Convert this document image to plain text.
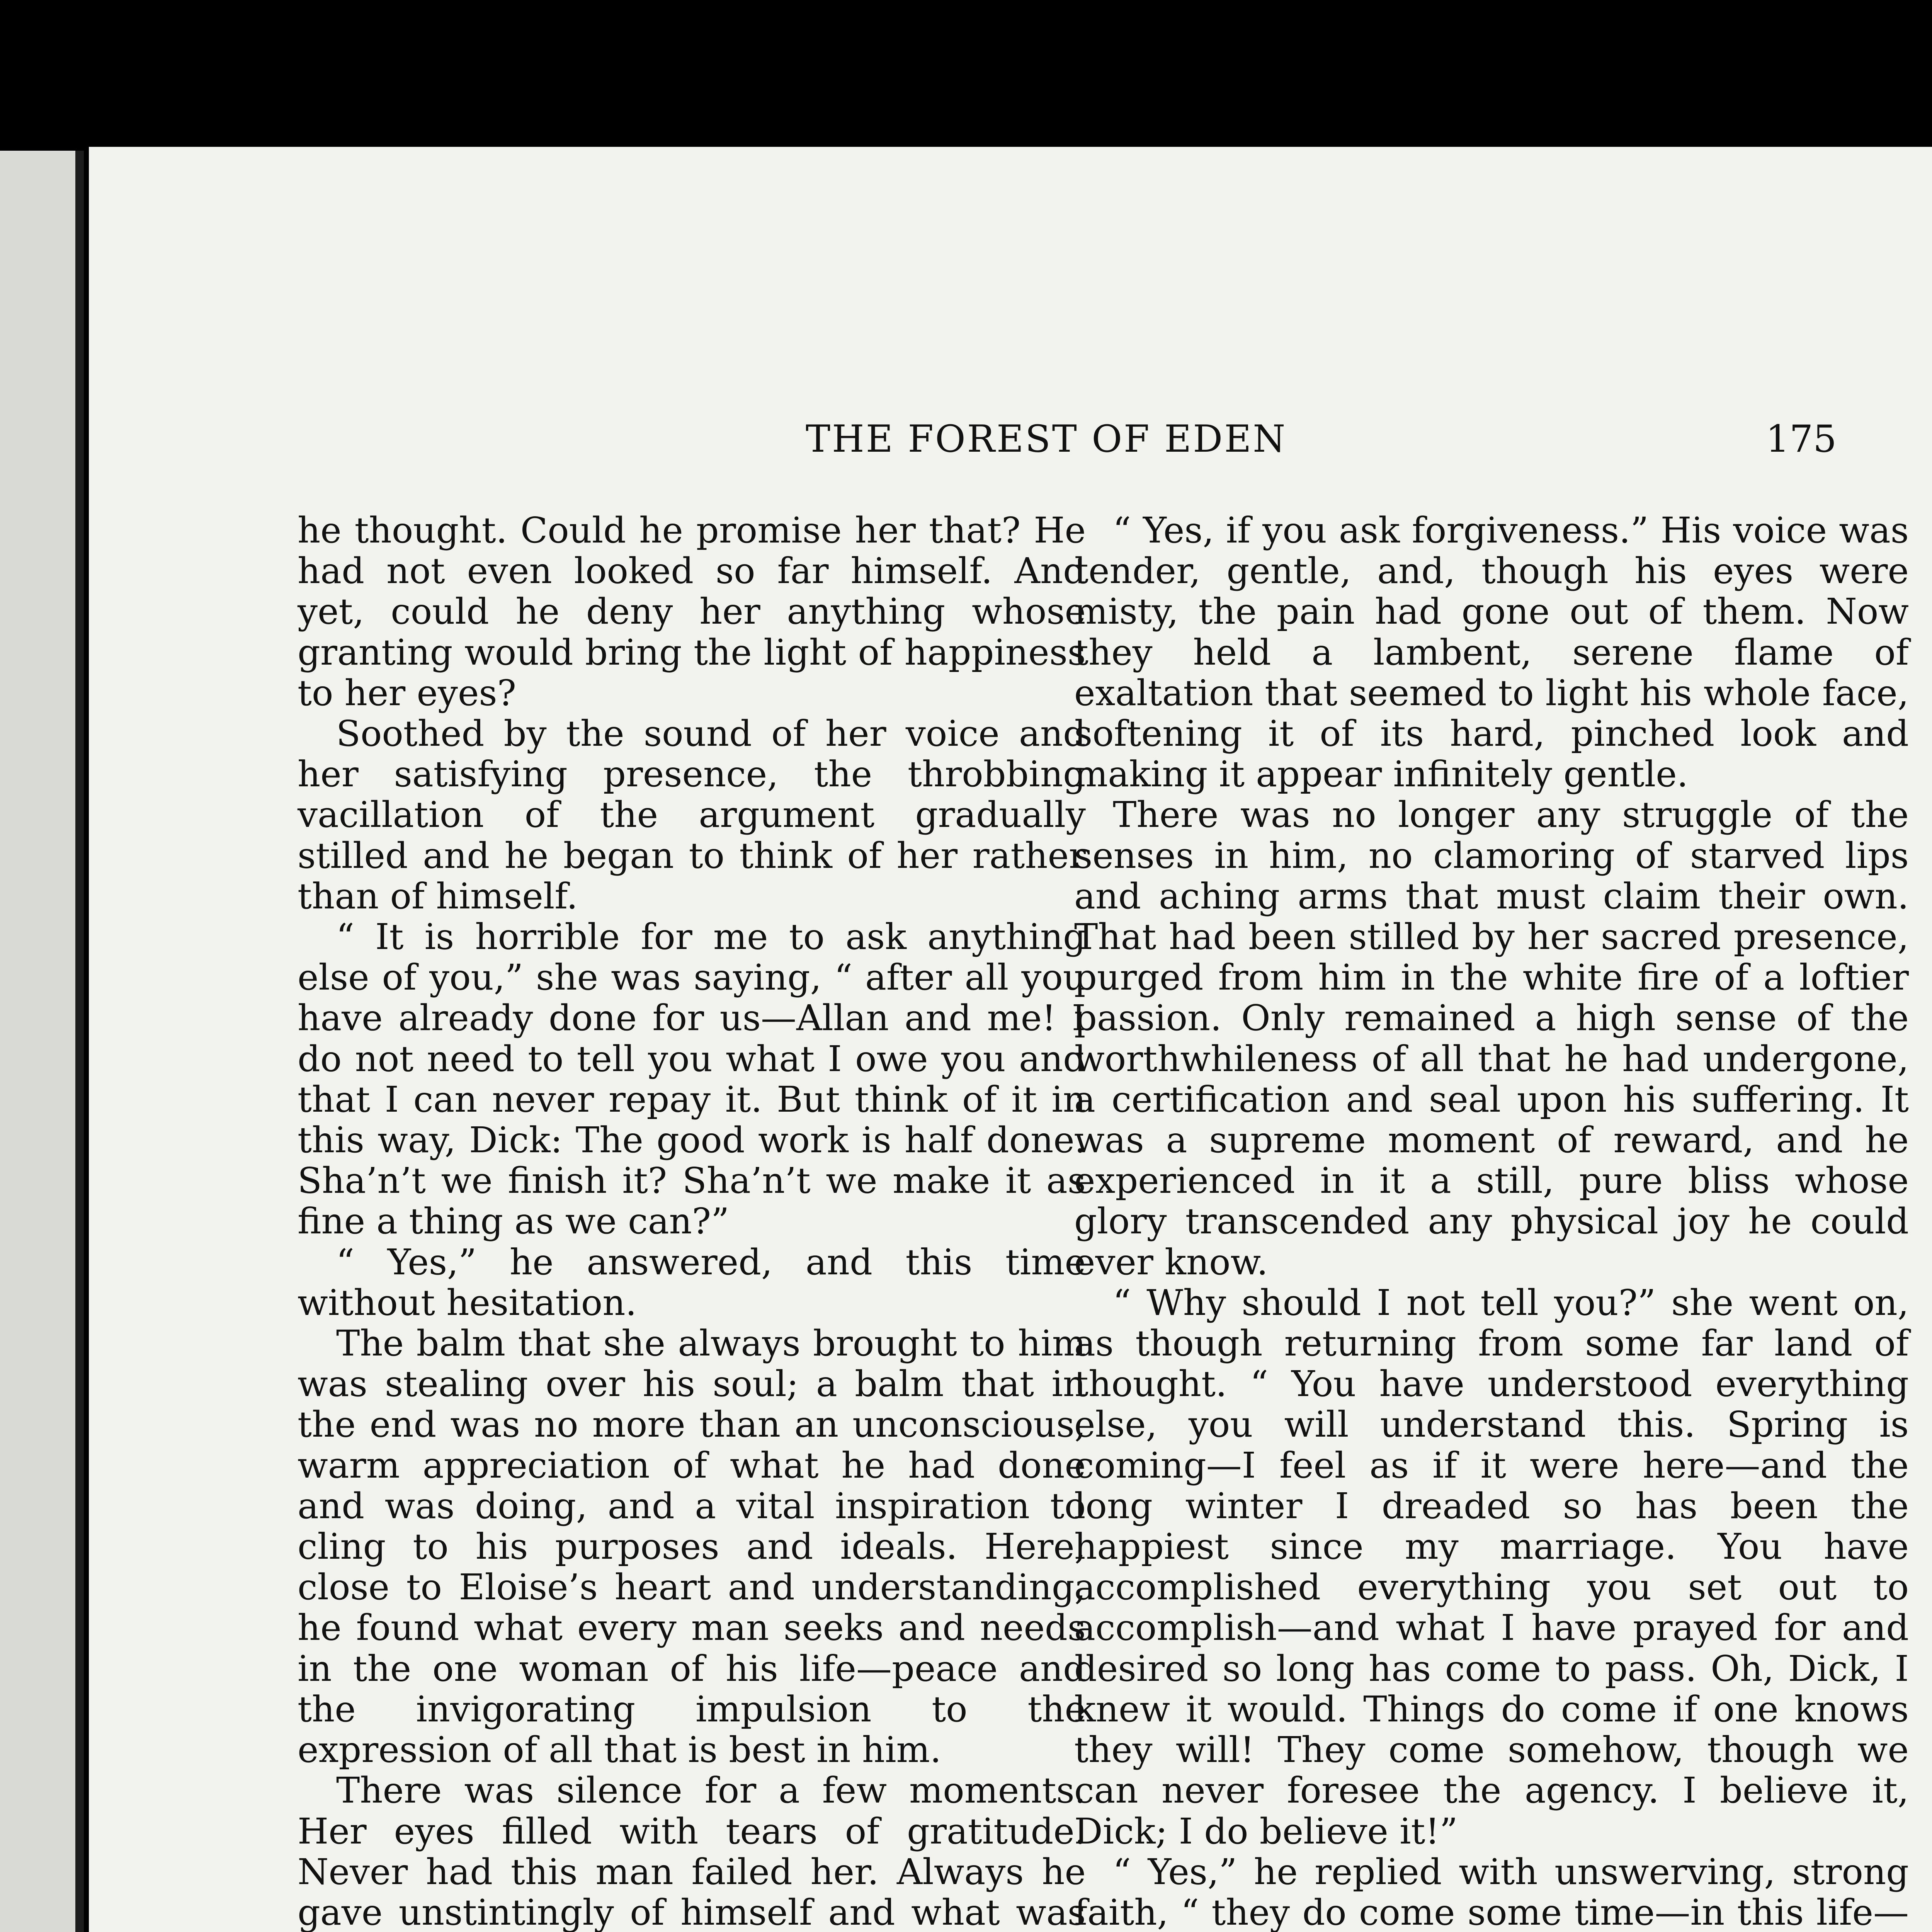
THE FOREST OF EDEN	175

he thought. Could he promise her that? He had not even looked so far himself. And yet, could he deny her anything whose granting would bring the light of happiness to her eyes?

Soothed by the sound of her voice and her satisfying presence, the throbbing vacillation of the argument gradually stilled and he began to think of her rather than of himself.

“ It is horrible for me to ask anything else of you,” she was saying, “ after all you have already done for us—Allan and me! I do not need to tell you what I owe you and that I can never repay it. But think of it in this way, Dick: The good work is half done. Sha’n’t we finish it? Sha’n’t we make it as fine a thing as we can?”

“ Yes,” he answered, and this time without hesitation.

The balm that she always brought to him was stealing over his soul; a balm that in the end was no more than an unconscious, warm appreciation of what he had done and was doing, and a vital inspiration to cling to his purposes and ideals. Here, close to Eloise’s heart and understanding, he found what every man seeks and needs in the one woman of his life—peace and the invigorating impulsion to the expression of all that is best in him.

There was silence for a few moments. Her eyes filled with tears of gratitude. Never had this man failed her. Always he gave unstintingly of himself and what was

“ Yes, if you ask forgiveness.” His voice was tender, gentle, and, though his eyes were misty, the pain had gone out of them. Now they held a lambent, serene flame of exaltation that seemed to light his whole face, softening it of its hard, pinched look and making it appear infinitely gentle.

There was no longer any struggle of the senses in him, no clamoring of starved lips and aching arms that must claim their own. That had been stilled by her sacred presence, purged from him in the white fire of a loftier passion. Only remained a high sense of the worthwhileness of all that he had undergone, a certification and seal upon his suffering. It was a supreme moment of reward, and he experienced in it a still, pure bliss whose glory transcended any physical joy he could ever know.

“ Why should I not tell you?” she went on, as though returning from some far land of thought. “ You have understood everything else, you will understand this. Spring is coming—I feel as if it were here—and the long winter I dreaded so has been the happiest since my marriage. You have accomplished everything you set out to accomplish—and what I have prayed for and desired so long has come to pass. Oh, Dick, I knew it would. Things do come if one knows they will! They come somehow, though we can never foresee the agency. I believe it, Dick; I do believe it!”

“ Yes,” he replied with unswerving, strong faith, “ they do come some time—in this life—
